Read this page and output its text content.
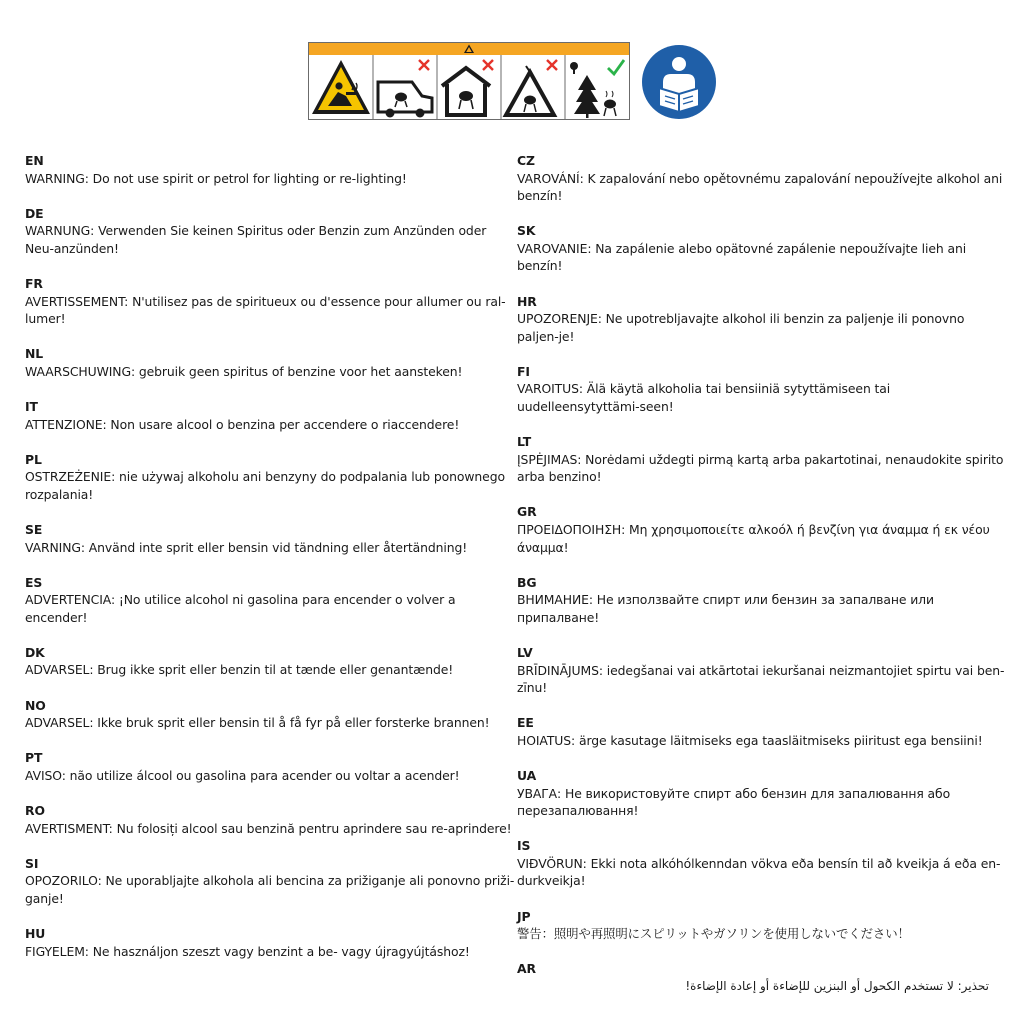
EN
WARNING: Do not use spirit or petrol for lighting or re-lighting!
DE
WARNUNG: Verwenden Sie keinen Spiritus oder Benzin zum Anzünden oder Neu-anzünden!
FR
AVERTISSEMENT: N'utilisez pas de spiritueux ou d'essence pour allumer ou ral-lumer!
NL
WAARSCHUWING: gebruik geen spiritus of benzine voor het aansteken!
IT
ATTENZIONE: Non usare alcool o benzina per accendere o riaccendere!
PL
OSTRZEŻENIE: nie używaj alkoholu ani benzyny do podpalania lub ponownego rozpalania!
SE
VARNING: Använd inte sprit eller bensin vid tändning eller återtändning!
ES
ADVERTENCIA: ¡No utilice alcohol ni gasolina para encender o volver a encender!
DK
ADVARSEL: Brug ikke sprit eller benzin til at tænde eller genantænde!
NO
ADVARSEL: Ikke bruk sprit eller bensin til å få fyr på eller forsterke brannen!
PT
AVISO: não utilize álcool ou gasolina para acender ou voltar a acender!
RO
AVERTISMENT: Nu folosiți alcool sau benzină pentru aprindere sau re-aprindere!
SI
OPOZORILO: Ne uporabljajte alkohola ali bencina za prižiganje ali ponovno priži-ganje!
HU
FIGYELEM: Ne használjon szeszt vagy benzint a be- vagy újragyújtáshoz!
CZ
VAROVÁNÍ: K zapalování nebo opětovnému zapalování nepoužívejte alkohol ani benzín!
SK
VAROVANIE: Na zapálenie alebo opätovné zapálenie nepoužívajte lieh ani benzín!
HR
UPOZORENJE: Ne upotrebljavajte alkohol ili benzin za paljenje ili ponovno paljen-je!
FI
VAROITUS: Älä käytä alkoholia tai bensiiniä sytyttämiseen tai uudelleensytyttämi-seen!
LT
ĮSPĖJIMAS: Norėdami uždegti pirmą kartą arba pakartotinai, nenaudokite spirito arba benzino!
GR
ΠΡΟΕΙΔΟΠΟΙΗΣΗ: Μη χρησιμοποιείτε αλκοόλ ή βενζίνη για άναμμα ή εκ νέου άναμμα!
BG
ВНИМАНИЕ: Не използвайте спирт или бензин за запалване или припалване!
LV
BRĪDINĀJUMS: iedegšanai vai atkārtotai iekuršanai neizmantojiet spirtu vai ben-zīnu!
EE
HOIATUS: ärge kasutage läitmiseks ega taasläitmiseks piiritust ega bensiini!
UA
УВАГА: Не використовуйте спирт або бензин для запалювання або перезапалювання!
IS
VIÐVÖRUN: Ekki nota alkóhólkenndan vökva eða bensín til að kveikja á eða en-durkveikja!
JP
警告：照明や再照明にスピリットやガソリンを使用しないでください！
AR
تحذير: لا تستخدم الكحول أو البنزين للإضاءة أو إعادة الإضاءة!
